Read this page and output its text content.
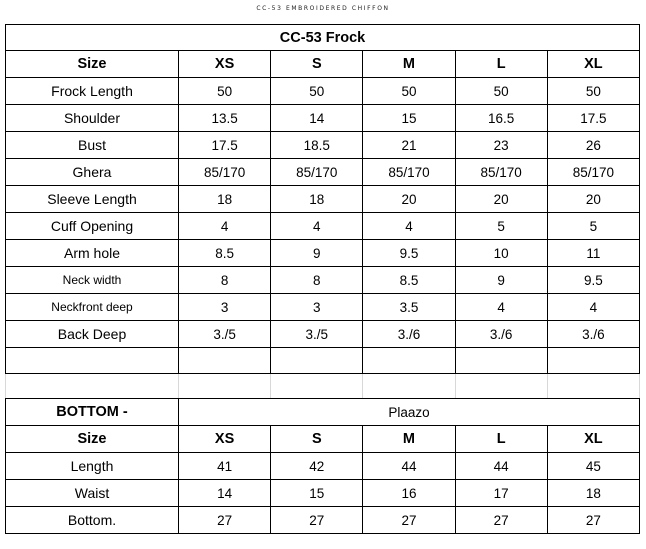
CC-53 EMBROIDERED CHIFFON
CC-53 Frock					
Size	XS	S	M	L	XL
Frock Length	50	50	50	50	50
Shoulder	13.5	14	15	16.5	17.5
Bust	17.5	18.5	21	23	26
Ghera	85/170	85/170	85/170	85/170	85/170
Sleeve Length	18	18	20	20	20
Cuff Opening	4	4	4	5	5
Arm hole	8.5	9	9.5	10	11
Neck width	8	8	8.5	9	9.5
Neckfront deep	3	3	3.5	4	4
Back Deep	3./5	3./5	3./6	3./6	3./6

BOTTOM -	Plaazo				
Size	XS	S	M	L	XL
Length	41	42	44	44	45
Waist	14	15	16	17	18
Bottom.	27	27	27	27	27
